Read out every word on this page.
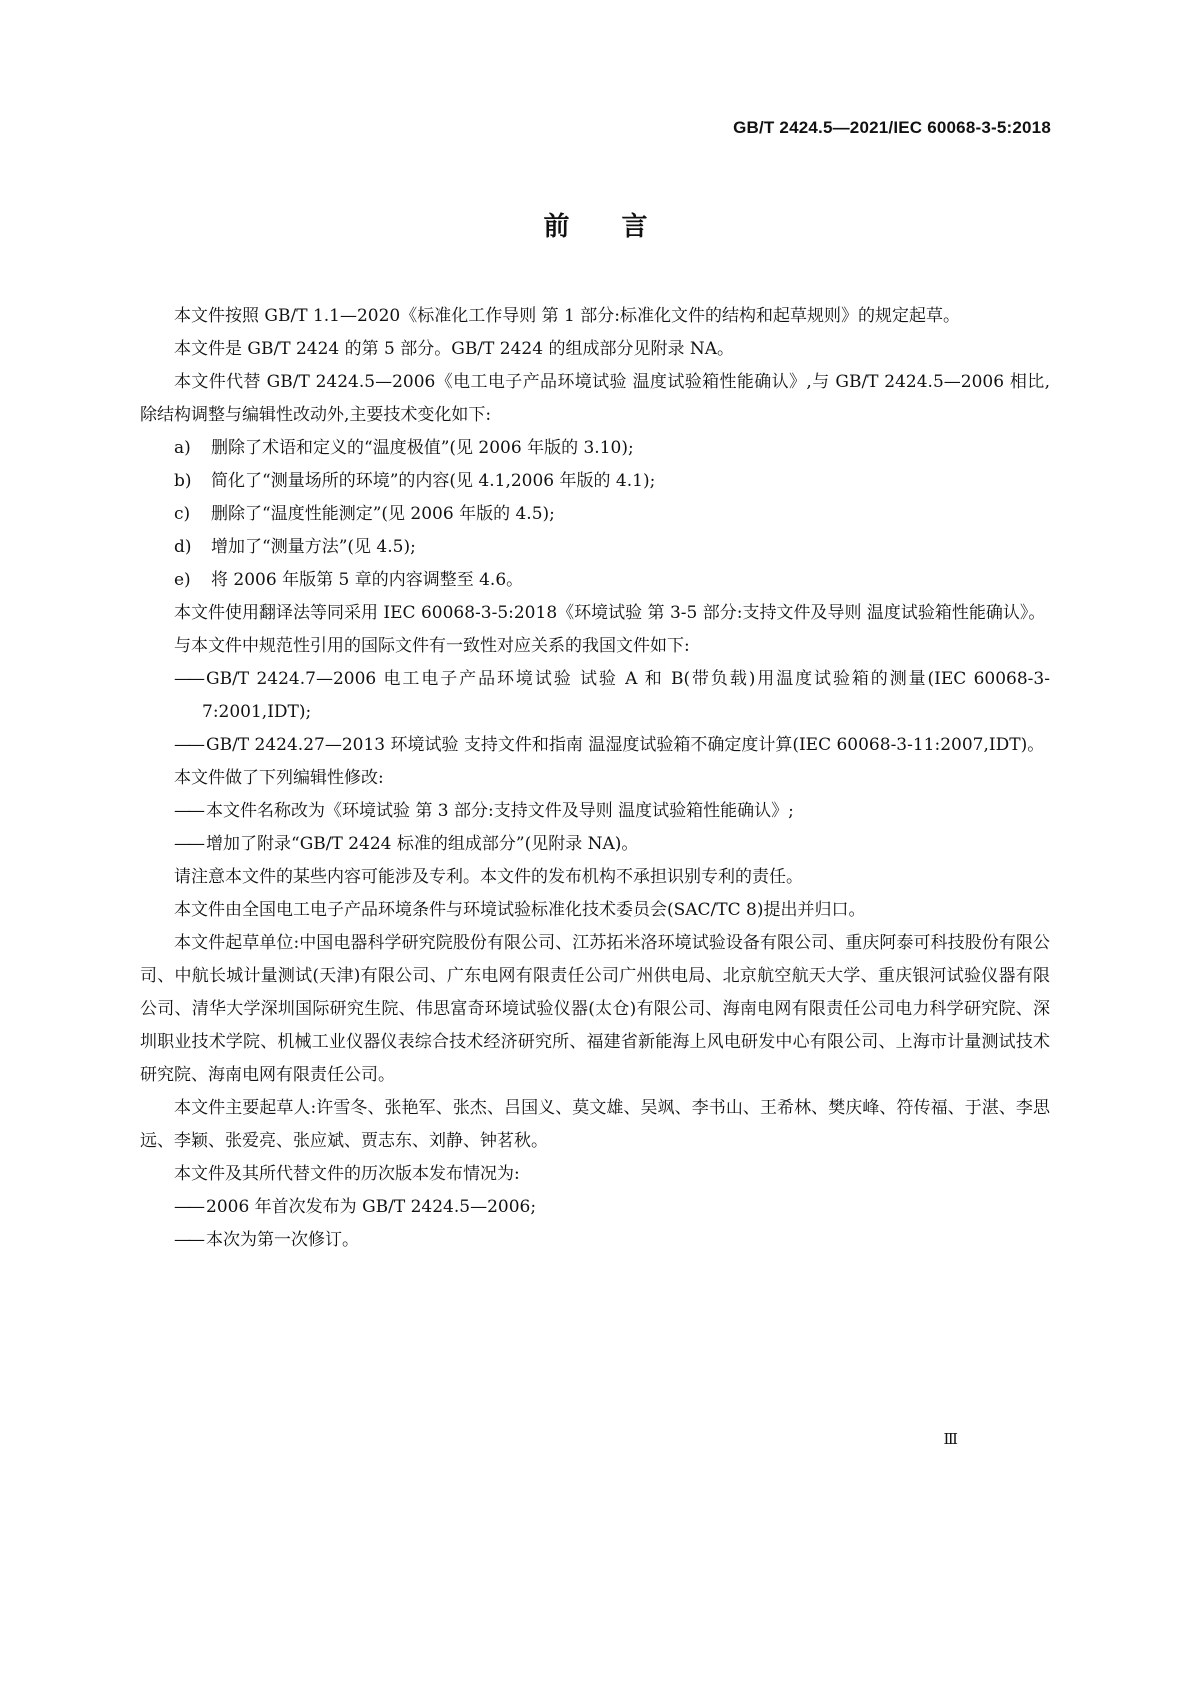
GB/T 2424.5—2021/IEC 60068-3-5:2018
前言

本文件按照 GB/T 1.1—2020《标准化工作导则 第 1 部分:标准化文件的结构和起草规则》的规定起草。

本文件是 GB/T 2424 的第 5 部分。GB/T 2424 的组成部分见附录 NA。

本文件代替 GB/T 2424.5—2006《电工电子产品环境试验 温度试验箱性能确认》,与 GB/T 2424.5—2006 相比,除结构调整与编辑性改动外,主要技术变化如下:

a) 删除了术语和定义的“温度极值”(见 2006 年版的 3.10);

b) 简化了“测量场所的环境”的内容(见 4.1,2006 年版的 4.1);

c) 删除了“温度性能测定”(见 2006 年版的 4.5);

d) 增加了“测量方法”(见 4.5);

e) 将 2006 年版第 5 章的内容调整至 4.6。

本文件使用翻译法等同采用 IEC 60068-3-5:2018《环境试验 第 3-5 部分:支持文件及导则 温度试验箱性能确认》。

与本文件中规范性引用的国际文件有一致性对应关系的我国文件如下:

—— GB/T 2424.7—2006 电工电子产品环境试验 试验 A 和 B(带负载)用温度试验箱的测量(IEC 60068-3-7:2001,IDT);

—— GB/T 2424.27—2013 环境试验 支持文件和指南 温湿度试验箱不确定度计算(IEC 60068-3-11:2007,IDT)。

本文件做了下列编辑性修改:

—— 本文件名称改为《环境试验 第 3 部分:支持文件及导则 温度试验箱性能确认》;

—— 增加了附录“GB/T 2424 标准的组成部分”(见附录 NA)。

请注意本文件的某些内容可能涉及专利。本文件的发布机构不承担识别专利的责任。

本文件由全国电工电子产品环境条件与环境试验标准化技术委员会(SAC/TC 8)提出并归口。

本文件起草单位:中国电器科学研究院股份有限公司、江苏拓米洛环境试验设备有限公司、重庆阿泰可科技股份有限公司、中航长城计量测试(天津)有限公司、广东电网有限责任公司广州供电局、北京航空航天大学、重庆银河试验仪器有限公司、清华大学深圳国际研究生院、伟思富奇环境试验仪器(太仓)有限公司、海南电网有限责任公司电力科学研究院、深圳职业技术学院、机械工业仪器仪表综合技术经济研究所、福建省新能海上风电研发中心有限公司、上海市计量测试技术研究院、海南电网有限责任公司。

本文件主要起草人:许雪冬、张艳军、张杰、吕国义、莫文雄、吴飒、李书山、王希林、樊庆峰、符传福、于湛、李思远、李颖、张爱亮、张应斌、贾志东、刘静、钟茗秋。

本文件及其所代替文件的历次版本发布情况为:

—— 2006 年首次发布为 GB/T 2424.5—2006;

—— 本次为第一次修订。

Ⅲ
